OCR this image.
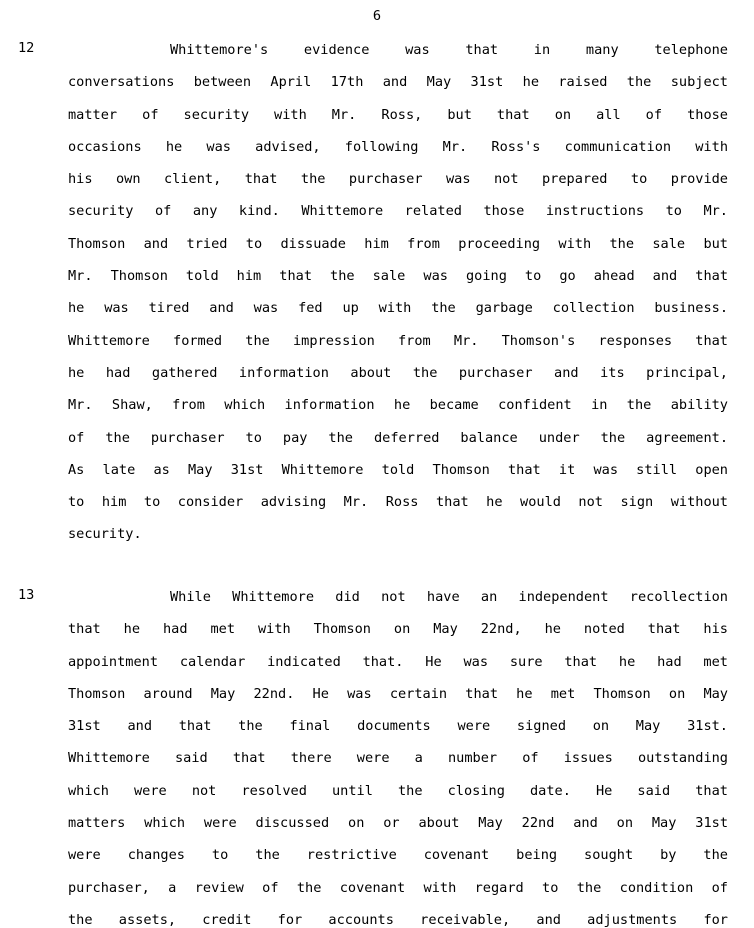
6
12	Whittemore's evidence was that in many telephone
conversations between April 17th and May 31st he raised the subject
matter of security with Mr. Ross, but that on all of those
occasions he was advised, following Mr. Ross's communication with
his own client, that the purchaser was not prepared to provide
security of any kind. Whittemore related those instructions to Mr.
Thomson and tried to dissuade him from proceeding with the sale but
Mr. Thomson told him that the sale was going to go ahead and that
he was tired and was fed up with the garbage collection business.
Whittemore formed the impression from Mr. Thomson's responses that
he had gathered information about the purchaser and its principal,
Mr. Shaw, from which information he became confident in the ability
of the purchaser to pay the deferred balance under the agreement.
As late as May 31st Whittemore told Thomson that it was still open
to him to consider advising Mr. Ross that he would not sign without
security.
13	While Whittemore did not have an independent recollection
that he had met with Thomson on May 22nd, he noted that his
appointment calendar indicated that. He was sure that he had met
Thomson around May 22nd. He was certain that he met Thomson on May
31st and that the final documents were signed on May 31st.
Whittemore said that there were a number of issues outstanding
which were not resolved until the closing date. He said that
matters which were discussed on or about May 22nd and on May 31st
were changes to the restrictive covenant being sought by the
purchaser, a review of the covenant with regard to the condition of
the assets, credit for accounts receivable, and adjustments for
